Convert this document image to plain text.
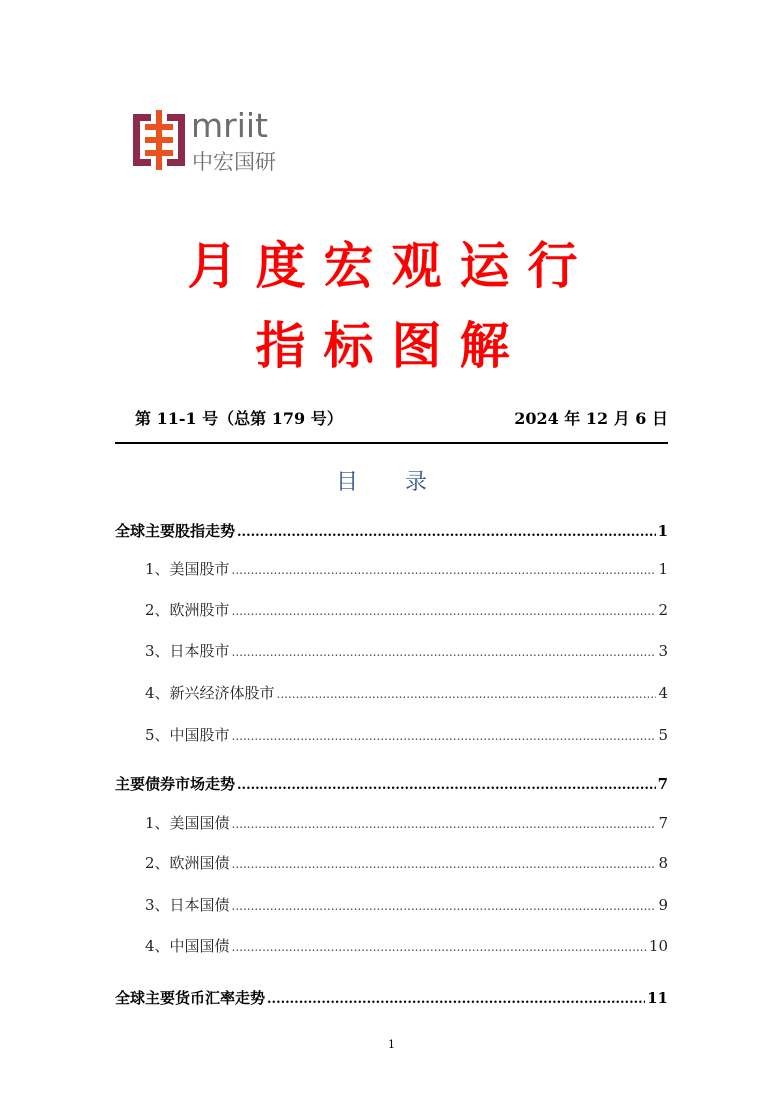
mriit
中宏国研
月度宏观运行
指标图解
第 11-1 号（总第 179 号）	2024 年 12 月 6 日
目 录
全球主要股指走势 .....	1
1、美国股市 .....	1
2、欧洲股市 .....	2
3、日本股市 .....	3
4、新兴经济体股市 .....	4
5、中国股市 .....	5
主要债券市场走势 .....	7
1、美国国债 .....	7
2、欧洲国债 .....	8
3、日本国债 .....	9
4、中国国债 .....	10
全球主要货币汇率走势 .....	11
1
